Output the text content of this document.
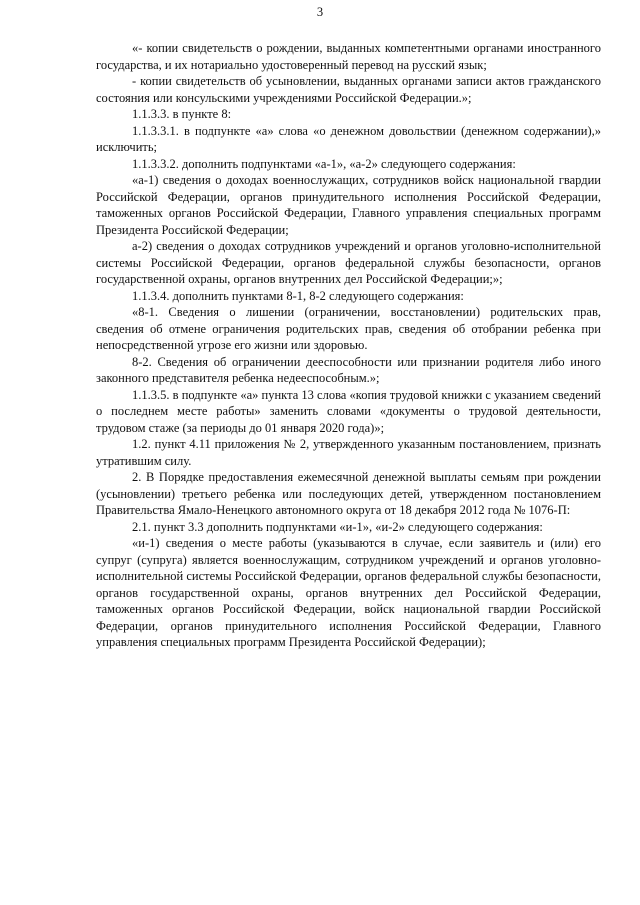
3

«- копии свидетельств о рождении, выданных компетентными органами иностранного государства, и их нотариально удостоверенный перевод на русский язык;

- копии свидетельств об усыновлении, выданных органами записи актов гражданского состояния или консульскими учреждениями Российской Федерации.»;

1.1.3.3. в пункте 8:

1.1.3.3.1. в подпункте «а» слова «о денежном довольствии (денежном содержании),» исключить;

1.1.3.3.2. дополнить подпунктами «а-1», «а-2» следующего содержания:

«а-1) сведения о доходах военнослужащих, сотрудников войск национальной гвардии Российской Федерации, органов принудительного исполнения Российской Федерации, таможенных органов Российской Федерации, Главного управления специальных программ Президента Российской Федерации;

а-2) сведения о доходах сотрудников учреждений и органов уголовно-исполнительной системы Российской Федерации, органов федеральной службы безопасности, органов государственной охраны, органов внутренних дел Российской Федерации;»;

1.1.3.4. дополнить пунктами 8-1, 8-2 следующего содержания:

«8-1. Сведения о лишении (ограничении, восстановлении) родительских прав, сведения об отмене ограничения родительских прав, сведения об отобрании ребенка при непосредственной угрозе его жизни или здоровью.

8-2. Сведения об ограничении дееспособности или признании родителя либо иного законного представителя ребенка недееспособным.»;

1.1.3.5. в подпункте «а» пункта 13 слова «копия трудовой книжки с указанием сведений о последнем месте работы» заменить словами «документы о трудовой деятельности, трудовом стаже (за периоды до 01 января 2020 года)»;

1.2. пункт 4.11 приложения № 2, утвержденного указанным постановлением, признать утратившим силу.

2. В Порядке предоставления ежемесячной денежной выплаты семьям при рождении (усыновлении) третьего ребенка или последующих детей, утвержденном постановлением Правительства Ямало-Ненецкого автономного округа от 18 декабря 2012 года № 1076-П:

2.1. пункт 3.3 дополнить подпунктами «и-1», «и-2» следующего содержания:

«и-1) сведения о месте работы (указываются в случае, если заявитель и (или) его супруг (супруга) является военнослужащим, сотрудником учреждений и органов уголовно-исполнительной системы Российской Федерации, органов федеральной службы безопасности, органов государственной охраны, органов внутренних дел Российской Федерации, таможенных органов Российской Федерации, войск национальной гвардии Российской Федерации, органов принудительного исполнения Российской Федерации, Главного управления специальных программ Президента Российской Федерации);
